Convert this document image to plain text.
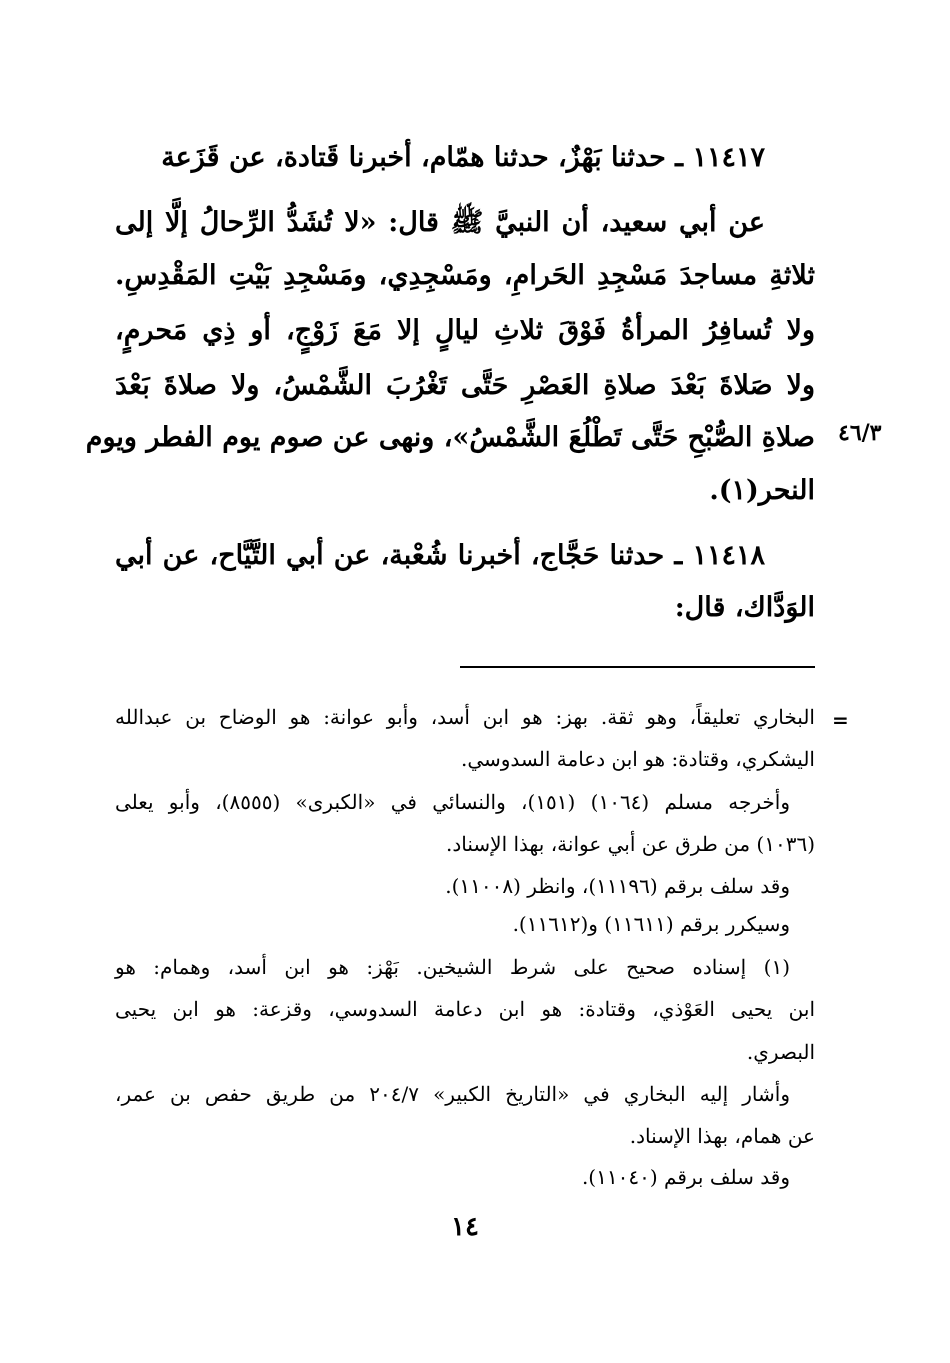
١١٤١٧ ـ حدثنا بَهْزٌ، حدثنا همّام، أخبرنا قَتادة، عن قَزَعة
عن أبي سعيد، أن النبيَّ ﷺ قال: «لا تُشَدُّ الرِّحالُ إلَّا إلى
ثلاثةِ مساجدَ مَسْجِدِ الحَرامِ، ومَسْجِدِي، ومَسْجِدِ بَيْتِ المَقْدِسِ.
ولا تُسافِرُ المرأةُ فَوْقَ ثلاثِ ليالٍ إلا مَعَ زَوْجٍ، أو ذِي مَحرمٍ،
ولا صَلاةَ بَعْدَ صلاةِ العَصْرِ حَتَّى تَغْرُبَ الشَّمْسُ، ولا صلاةَ بَعْدَ
صلاةِ الصُّبْحِ حَتَّى تَطْلُعَ الشَّمْسُ»، ونهى عن صوم يوم الفطر ويوم
النحر(١).
٤٦/٣
١١٤١٨ ـ حدثنا حَجَّاج، أخبرنا شُعْبة، عن أبي التَّيَّاح، عن أبي
الوَدَّاك، قال:
=
البخاري تعليقاً، وهو ثقة. بهز: هو ابن أسد، وأبو عوانة: هو الوضاح بن عبدالله
اليشكري، وقتادة: هو ابن دعامة السدوسي.
وأخرجه مسلم (١٠٦٤) (١٥١)، والنسائي في «الكبرى» (٨٥٥٥)، وأبو يعلى
(١٠٣٦) من طرق عن أبي عوانة، بهذا الإسناد.
وقد سلف برقم (١١١٩٦)، وانظر (١١٠٠٨).
وسيكرر برقم (١١٦١١) و(١١٦١٢).
(١) إسناده صحيح على شرط الشيخين. بَهْز: هو ابن أسد، وهمام: هو
ابن يحيى العَوْذي، وقتادة: هو ابن دعامة السدوسي، وقزعة: هو ابن يحيى
البصري.
وأشار إليه البخاري في «التاريخ الكبير» ٢٠٤/٧ من طريق حفص بن عمر،
عن همام، بهذا الإسناد.
وقد سلف برقم (١١٠٤٠).
١٤
